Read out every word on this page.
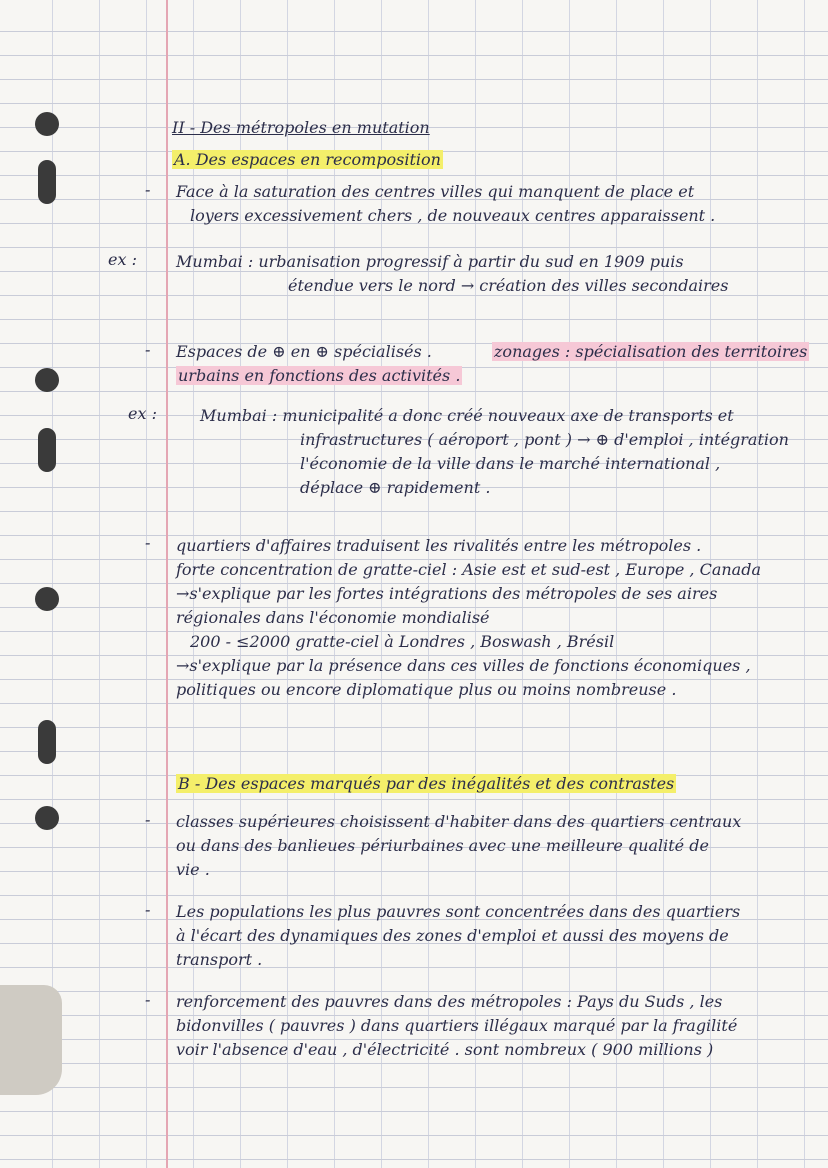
II - Des métropoles en mutation
A. Des espaces en recomposition
-
ex :
-
ex :
-
-
-
-
Face à la saturation des centres villes qui manquent de place et
loyers excessivement chers , de nouveaux centres apparaissent .
Mumbai : urbanisation progressif à partir du sud en 1909 puis
étendue vers le nord → création des villes secondaires
Espaces de ⊕ en ⊕ spécialisés .	zonages : spécialisation des territoires
urbains en fonctions des activités .
Mumbai : municipalité a donc créé nouveaux axe de transports et
infrastructures ( aéroport , pont ) → ⊕ d'emploi , intégration
l'économie de la ville dans le marché international ,
déplace ⊕ rapidement .
quartiers d'affaires traduisent les rivalités entre les métropoles .
forte concentration de gratte-ciel : Asie est et sud-est , Europe , Canada
→s'explique par les fortes intégrations des métropoles de ses aires
régionales dans l'économie mondialisé
200 - ≤2000 gratte-ciel à Londres , Boswash , Brésil
→s'explique par la présence dans ces villes de fonctions économiques ,
politiques ou encore diplomatique plus ou moins nombreuse .
B - Des espaces marqués par des inégalités et des contrastes
classes supérieures choisissent d'habiter dans des quartiers centraux
ou dans des banlieues périurbaines avec une meilleure qualité de
vie .
Les populations les plus pauvres sont concentrées dans des quartiers
à l'écart des dynamiques des zones d'emploi et aussi des moyens de
transport .
renforcement des pauvres dans des métropoles : Pays du Suds , les
bidonvilles ( pauvres ) dans quartiers illégaux marqué par la fragilité
voir l'absence d'eau , d'électricité . sont nombreux ( 900 millions )
